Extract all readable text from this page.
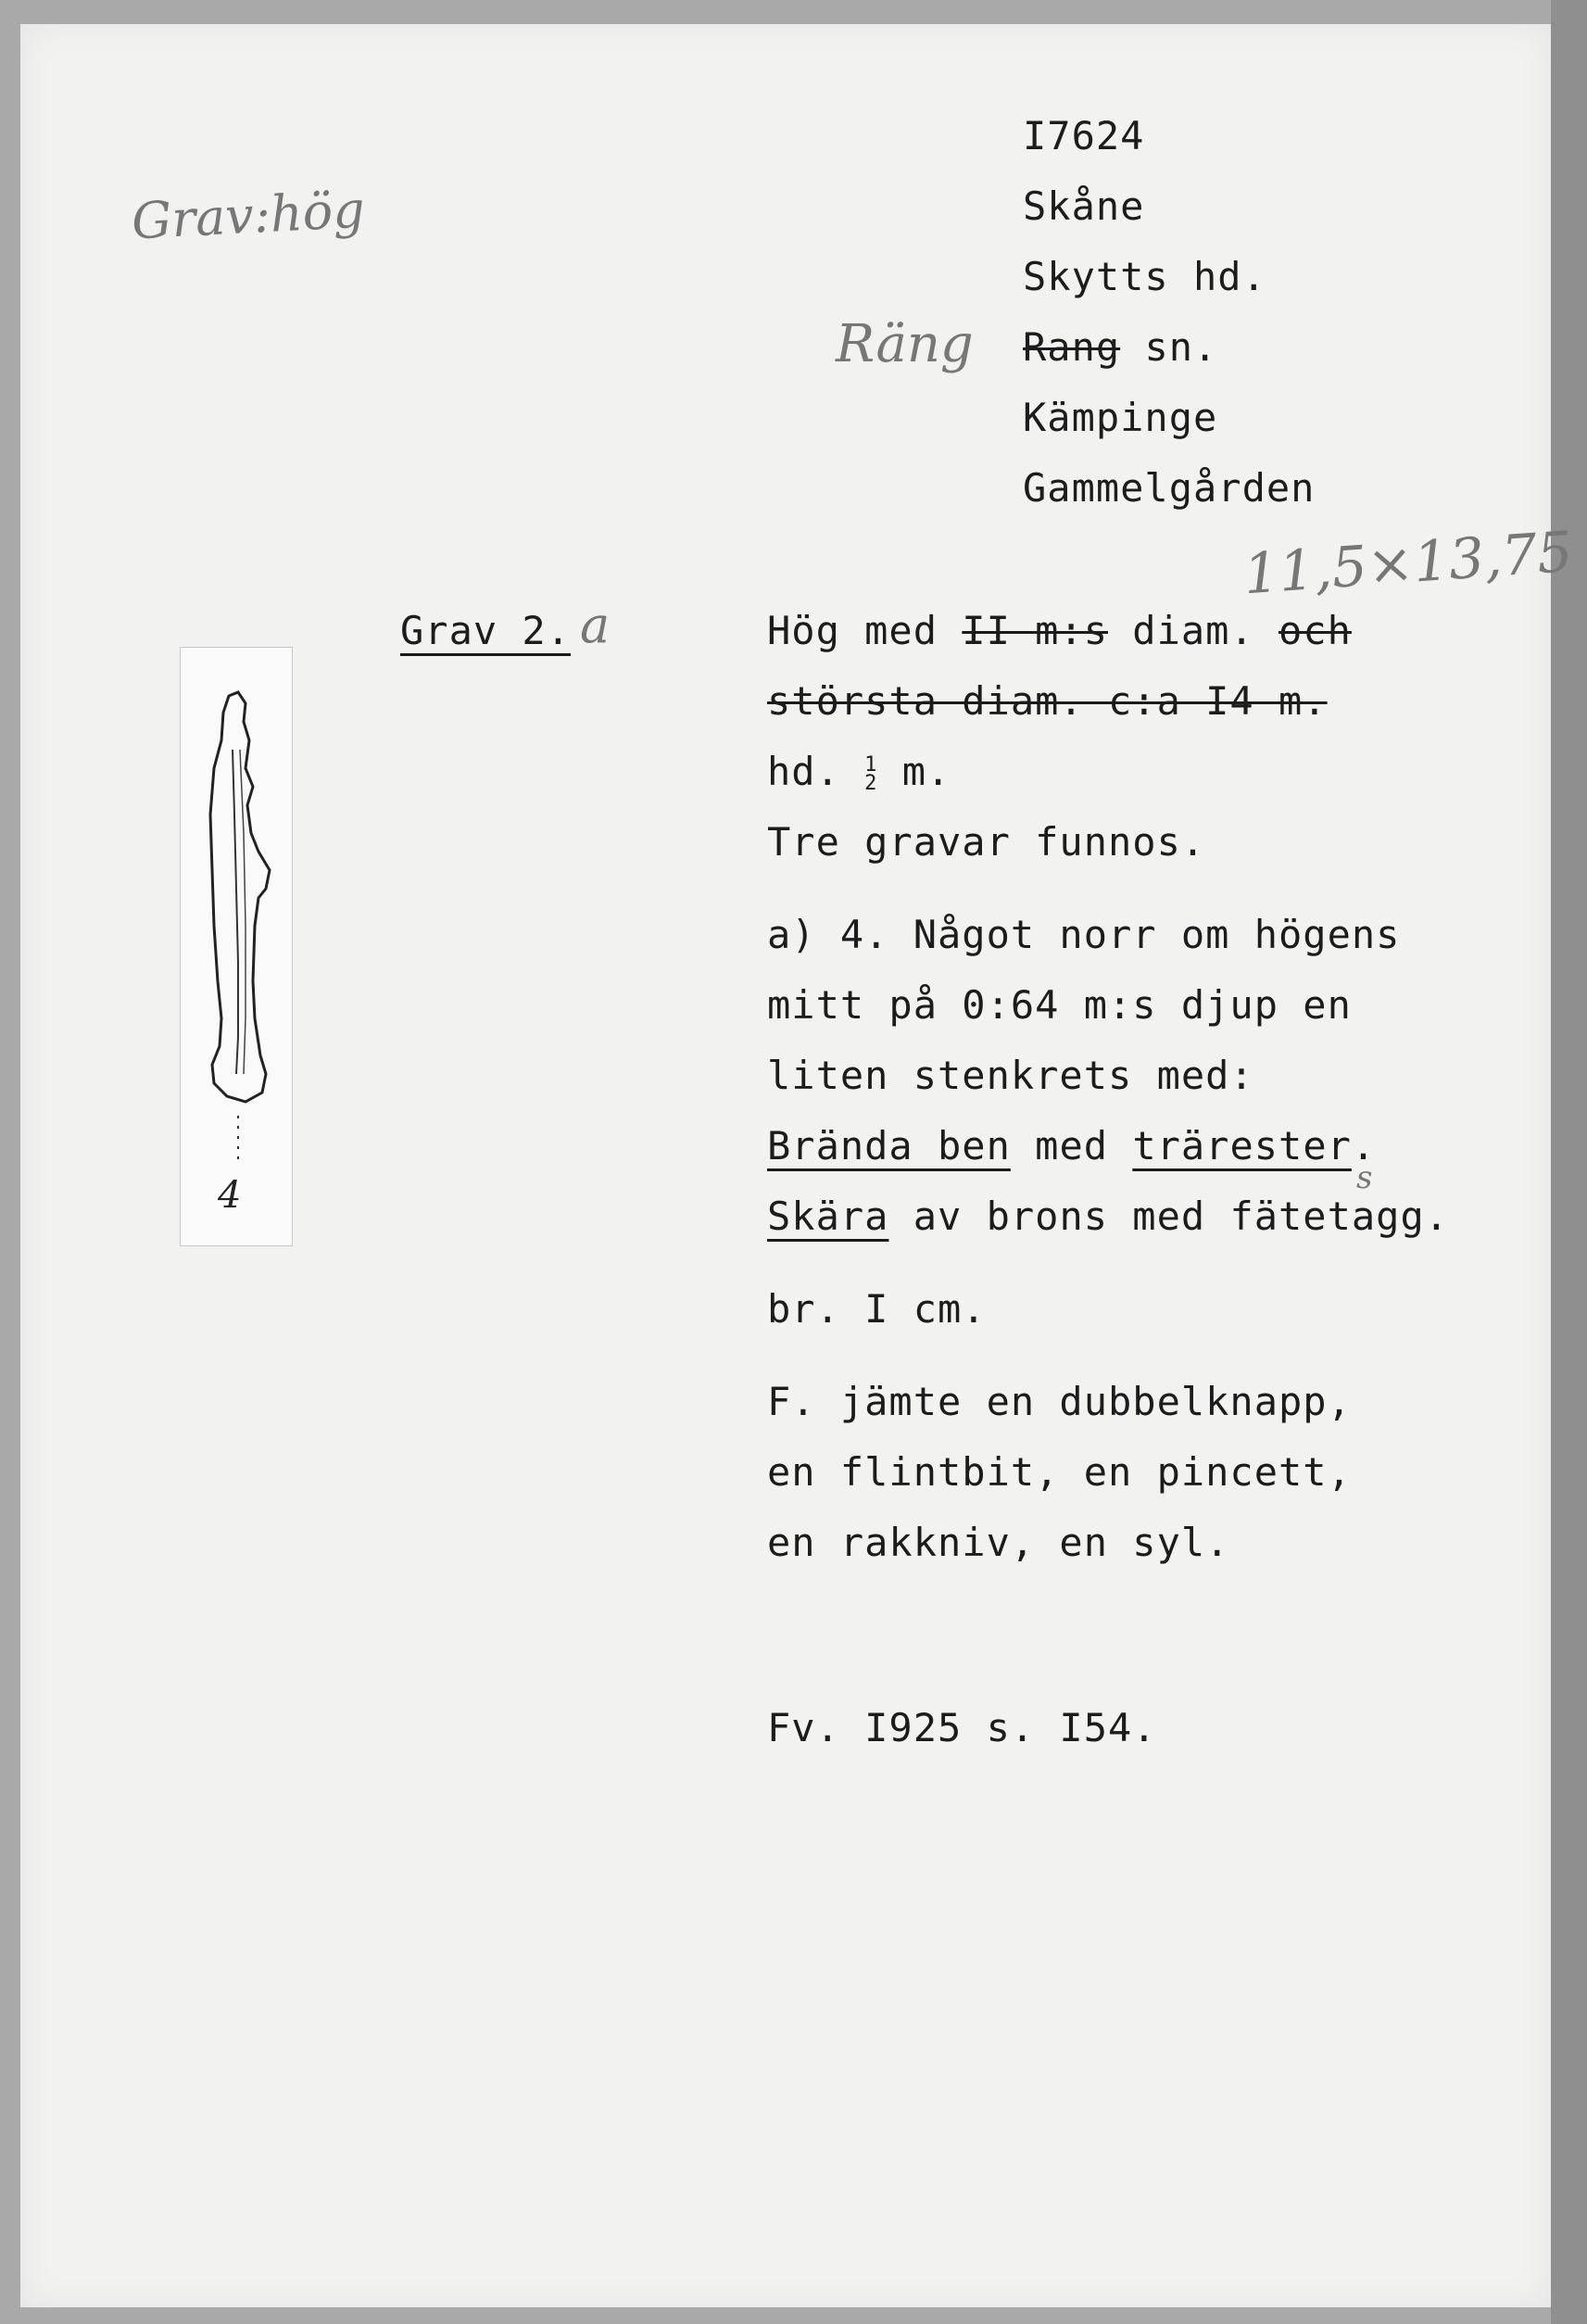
Grav:hög
I7624
Skåne
Skytts hd.
Räng Rang sn.
Kämpinge
Gammelgården
11,5×13,75
Grav 2. a	Hög med II m:s diam. och
största diam. c:a I4 m.
hd. 1
2 m.
Tre gravar funnos.
a) 4. Något norr om högens
mitt på 0:64 m:s djup en
liten stenkrets med:
Brända ben med trärester.
s
Skära av brons med fätetagg.
br. I cm.
F. jämte en dubbelknapp,
en flintbit, en pincett,
en rakkniv, en syl.
Fv. I925 s. I54.
4
